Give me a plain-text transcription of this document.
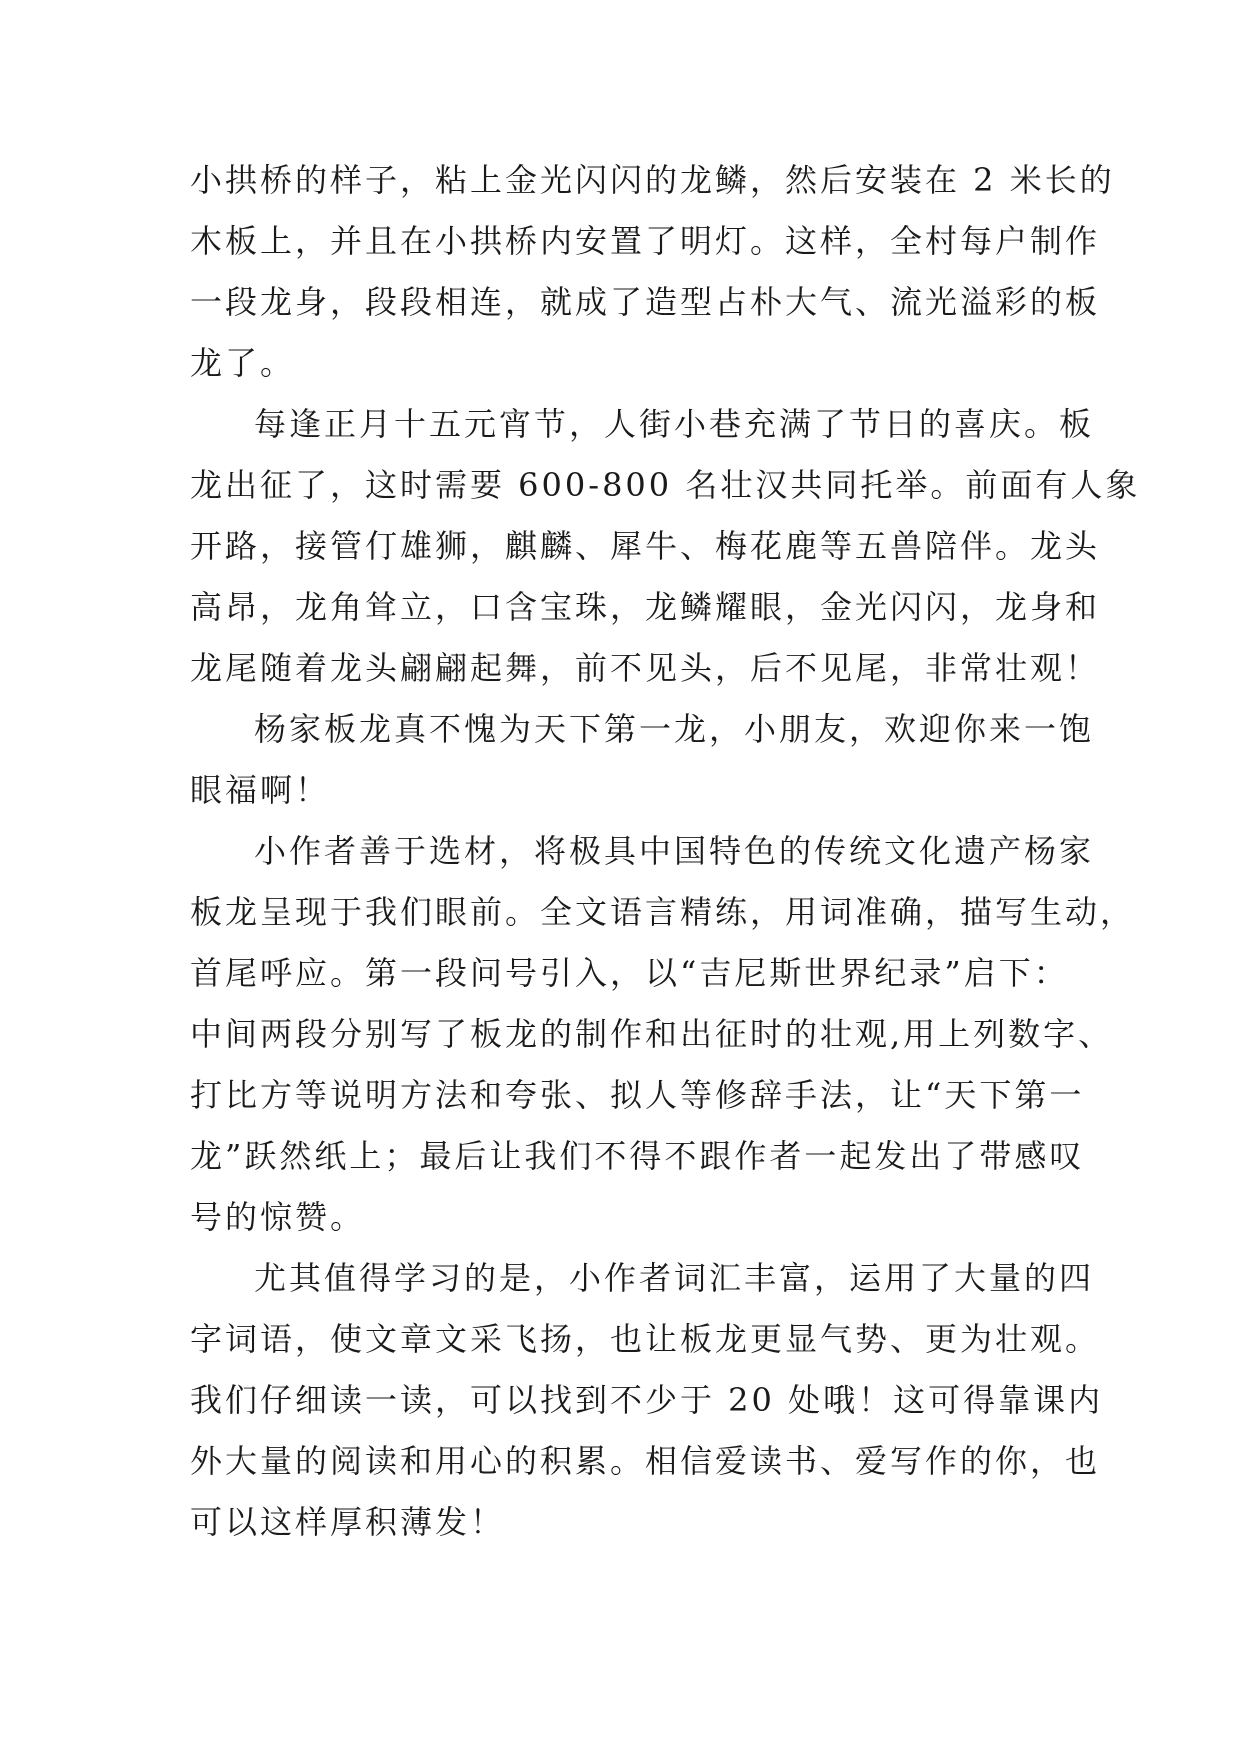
小拱桥的样子，粘上金光闪闪的龙鳞，然后安装在 2 米长的
木板上，并且在小拱桥内安置了明灯。这样，全村每户制作
一段龙身，段段相连，就成了造型占朴大气、流光溢彩的板
龙了。

每逢正月十五元宵节，人街小巷充满了节日的喜庆。板
龙出征了，这时需要 600-800 名壮汉共同托举。前面有人象
开路，接管仃雄狮，麒麟、犀牛、梅花鹿等五兽陪伴。龙头
高昂，龙角耸立，口含宝珠，龙鳞耀眼，金光闪闪，龙身和
龙尾随着龙头翩翩起舞，前不见头，后不见尾，非常壮观！

杨家板龙真不愧为天下第一龙，小朋友，欢迎你来一饱
眼福啊！

小作者善于选材，将极具中国特色的传统文化遗产杨家
板龙呈现于我们眼前。全文语言精练，用词准确，描写生动，
首尾呼应。第一段问号引入，以“吉尼斯世界纪录”启下：
中间两段分别写了板龙的制作和出征时的壮观,用上列数字、
打比方等说明方法和夸张、拟人等修辞手法，让“天下第一
龙”跃然纸上；最后让我们不得不跟作者一起发出了带感叹
号的惊赞。

尤其值得学习的是，小作者词汇丰富，运用了大量的四
字词语，使文章文采飞扬，也让板龙更显气势、更为壮观。
我们仔细读一读，可以找到不少于 20 处哦！这可得靠课内
外大量的阅读和用心的积累。相信爱读书、爱写作的你，也
可以这样厚积薄发！
